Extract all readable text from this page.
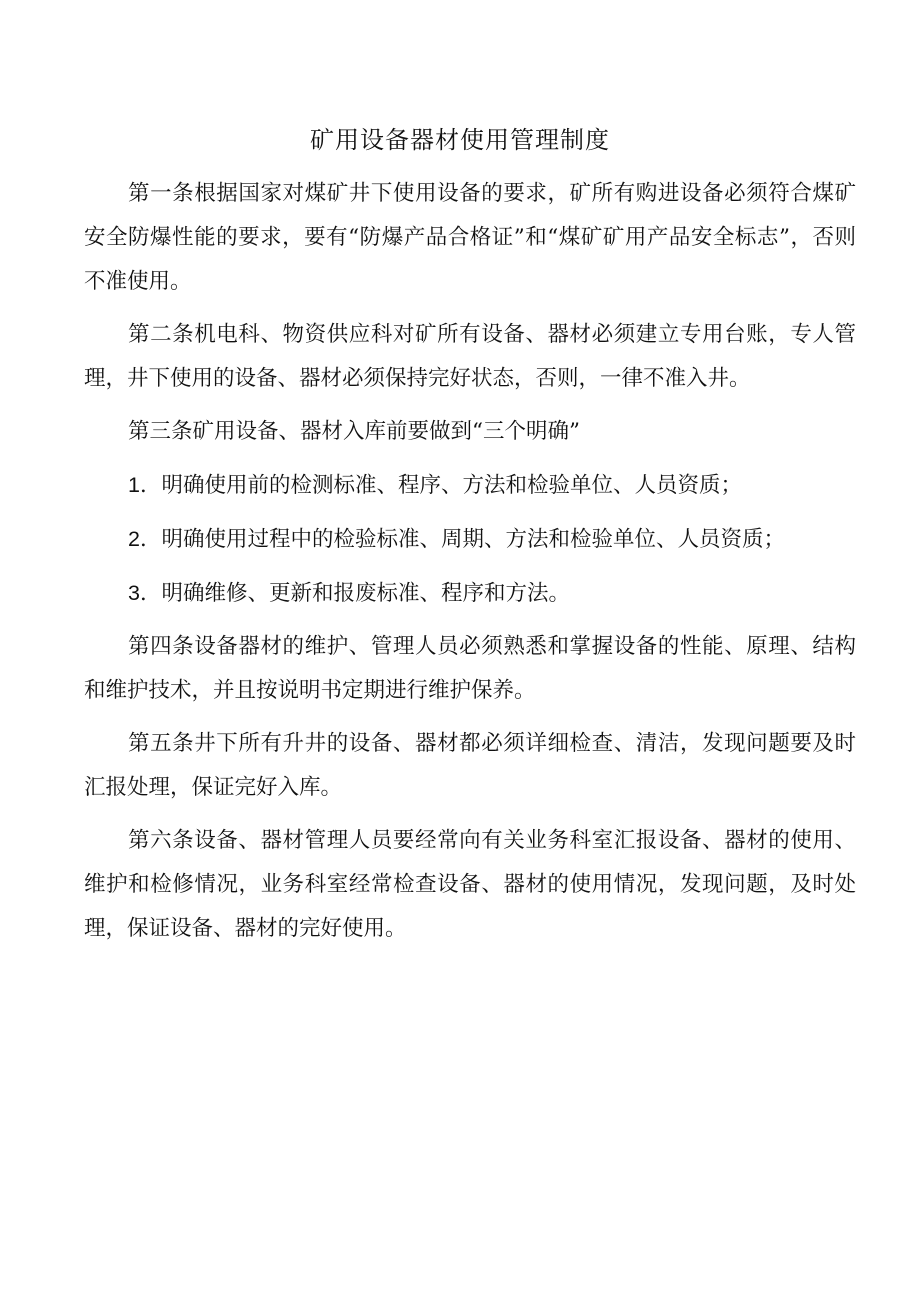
矿用设备器材使用管理制度

第一条根据国家对煤矿井下使用设备的要求，矿所有购进设备必须符合煤矿安全防爆性能的要求，要有“防爆产品合格证”和“煤矿矿用产品安全标志”，否则不准使用。

第二条机电科、物资供应科对矿所有设备、器材必须建立专用台账，专人管理，井下使用的设备、器材必须保持完好状态，否则，一律不准入井。

第三条矿用设备、器材入库前要做到“三个明确”

1．明确使用前的检测标准、程序、方法和检验单位、人员资质；

2．明确使用过程中的检验标准、周期、方法和检验单位、人员资质；

3．明确维修、更新和报废标准、程序和方法。

第四条设备器材的维护、管理人员必须熟悉和掌握设备的性能、原理、结构和维护技术，并且按说明书定期进行维护保养。

第五条井下所有升井的设备、器材都必须详细检查、清洁，发现问题要及时汇报处理，保证完好入库。

第六条设备、器材管理人员要经常向有关业务科室汇报设备、器材的使用、维护和检修情况，业务科室经常检查设备、器材的使用情况，发现问题，及时处理，保证设备、器材的完好使用。
